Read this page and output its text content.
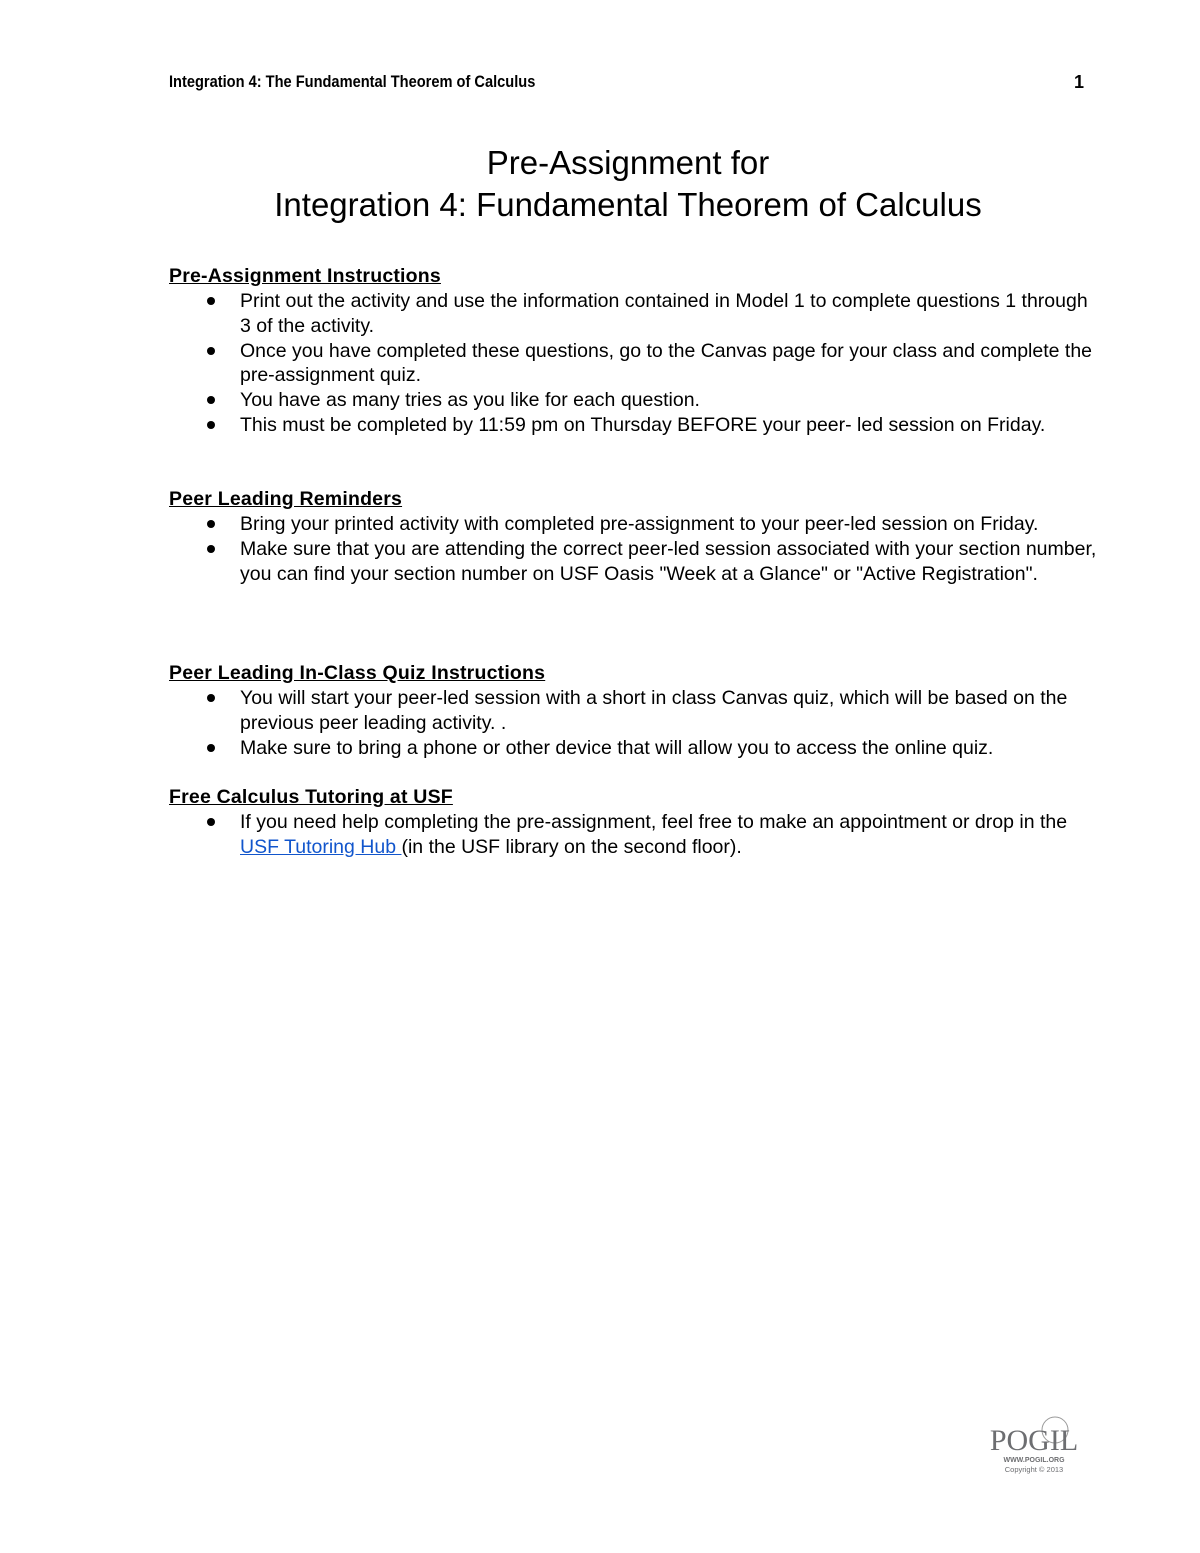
Integration 4: The Fundamental Theorem of Calculus	1
Pre-Assignment for
Integration 4: Fundamental Theorem of Calculus
Pre-Assignment Instructions
Print out the activity and use the information contained in Model 1 to complete questions 1 through 3 of the activity.
Once you have completed these questions, go to the Canvas page for your class and complete the pre-assignment quiz.
You have as many tries as you like for each question.
This must be completed by 11:59 pm on Thursday BEFORE your peer- led session on Friday.
Peer Leading Reminders
Bring your printed activity with completed pre-assignment to your peer-led session on Friday.
Make sure that you are attending the correct peer-led session associated with your section number, you can find your section number on USF Oasis "Week at a Glance" or "Active Registration".
Peer Leading In-Class Quiz Instructions
You will start your peer-led session with a short in class Canvas quiz, which will be based on the previous peer leading activity. .
Make sure to bring a phone or other device that will allow you to access the online quiz.
Free Calculus Tutoring at USF
If you need help completing the pre-assignment, feel free to make an appointment or drop in the USF Tutoring Hub (in the USF library on the second floor).
POGIL
WWW.POGIL.ORG
Copyright © 2013
